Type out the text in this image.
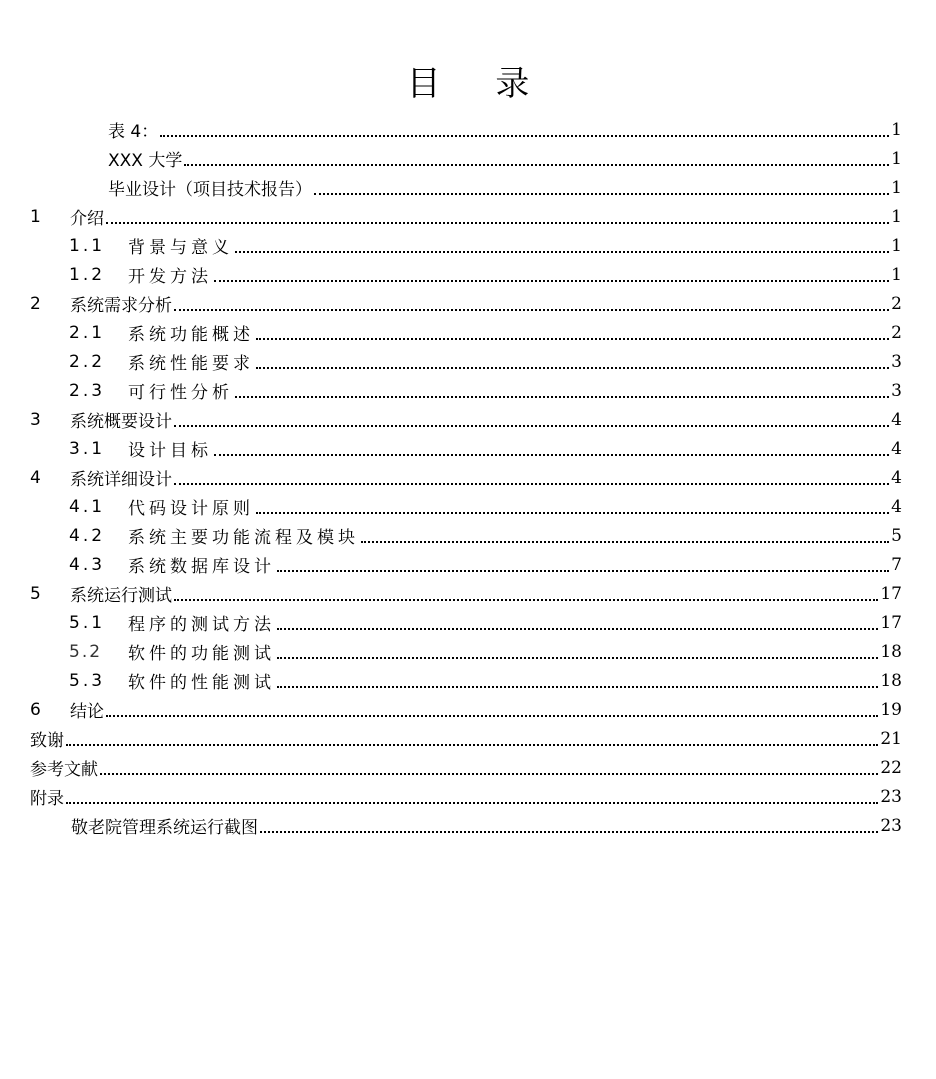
目 录
表 4：	1
XXX 大学	1
毕业设计（项目技术报告）	1
1	介绍	1
1.1	背景与意义	1
1.2	开发方法	1
2	系统需求分析	2
2.1	系统功能概述	2
2.2	系统性能要求	3
2.3	可行性分析	3
3	系统概要设计	4
3.1	设计目标	4
4	系统详细设计	4
4.1	代码设计原则	4
4.2	系统主要功能流程及模块	5
4.3	系统数据库设计	7
5	系统运行测试	17
5.1	程序的测试方法	17
5.2	软件的功能测试	18
5.3	软件的性能测试	18
6	结论	19
致谢	21
参考文献	22
附录	23
敬老院管理系统运行截图	23
